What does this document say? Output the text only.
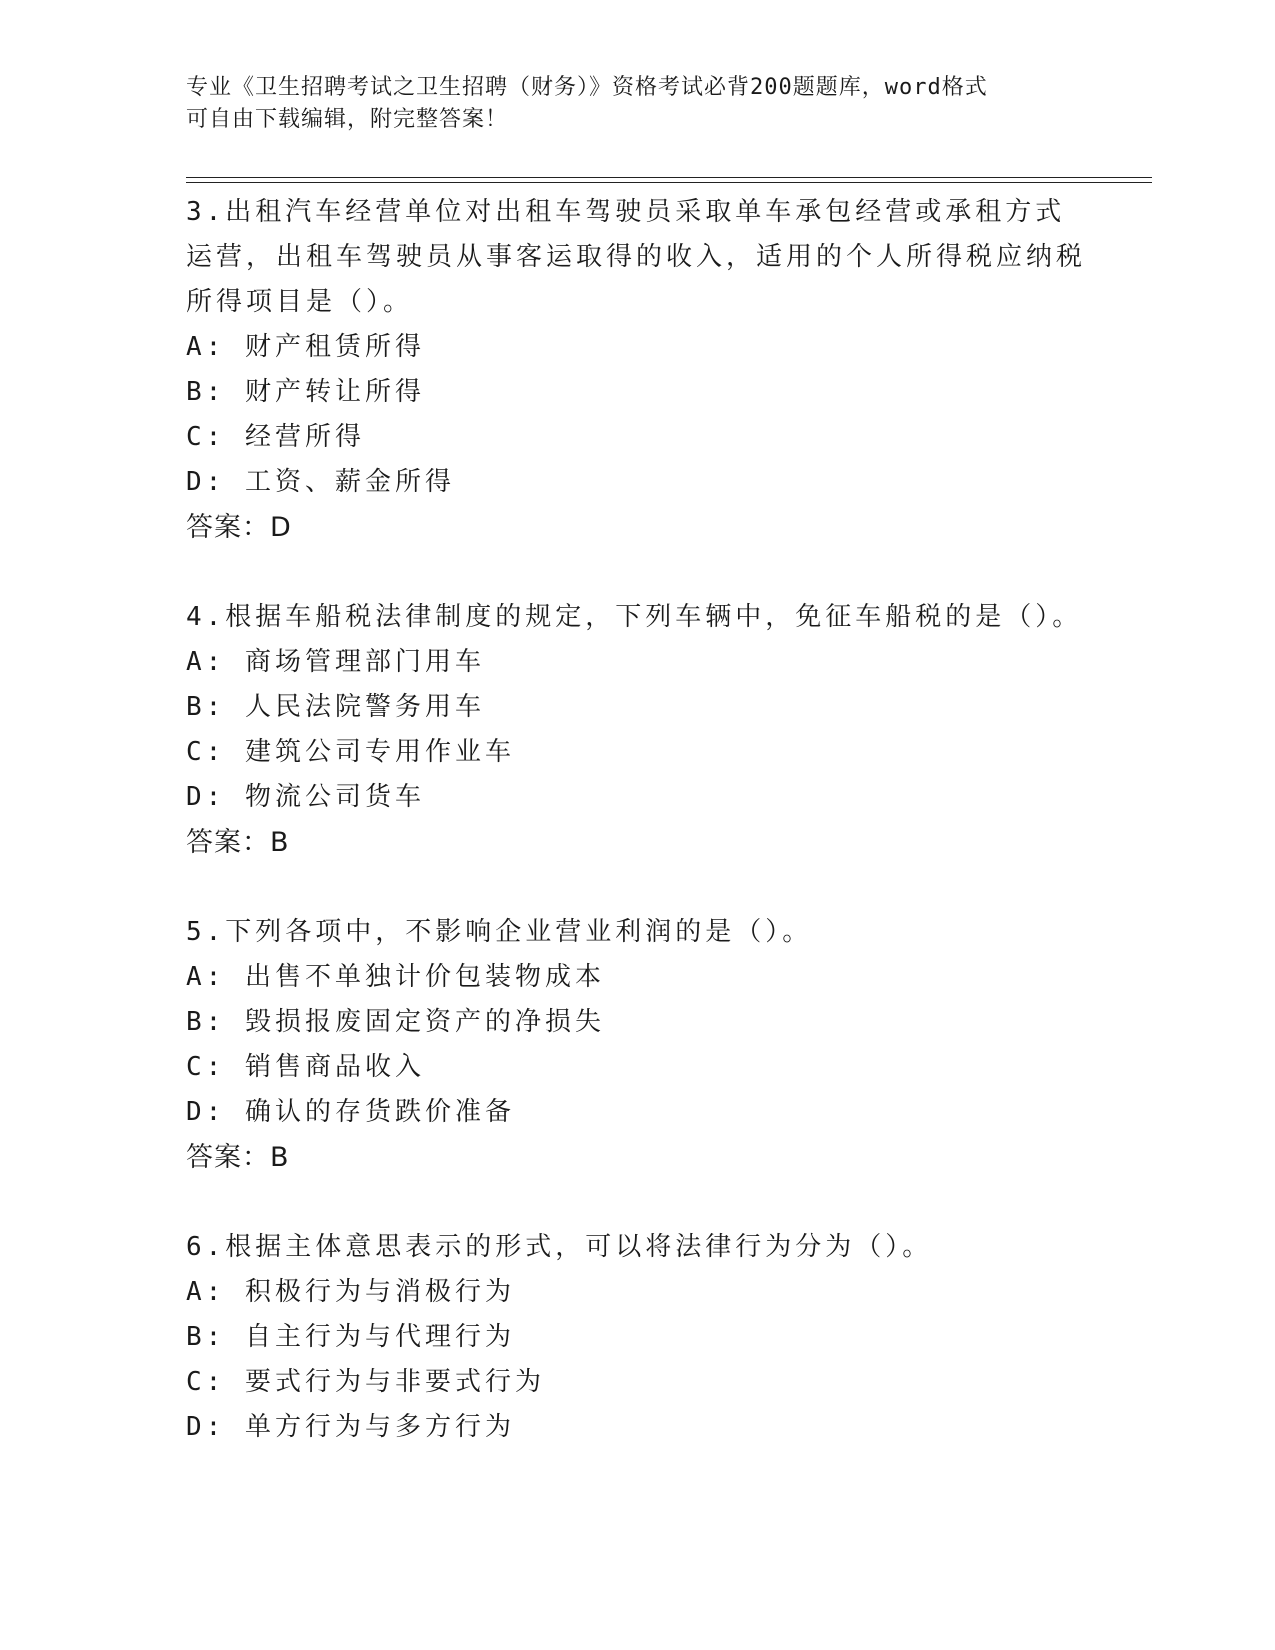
专业《卫生招聘考试之卫生招聘（财务）》资格考试必背200题题库，word格式
可自由下载编辑，附完整答案！

3.出租汽车经营单位对出租车驾驶员采取单车承包经营或承租方式运营，出租车驾驶员从事客运取得的收入，适用的个人所得税应纳税所得项目是（）。

A: 财产租赁所得

B: 财产转让所得

C: 经营所得

D: 工资、薪金所得

答案：D

4.根据车船税法律制度的规定，下列车辆中，免征车船税的是（）。

A: 商场管理部门用车

B: 人民法院警务用车

C: 建筑公司专用作业车

D: 物流公司货车

答案：B

5.下列各项中，不影响企业营业利润的是（）。

A: 出售不单独计价包装物成本

B: 毁损报废固定资产的净损失

C: 销售商品收入

D: 确认的存货跌价准备

答案：B

6.根据主体意思表示的形式，可以将法律行为分为（）。

A: 积极行为与消极行为

B: 自主行为与代理行为

C: 要式行为与非要式行为

D: 单方行为与多方行为
